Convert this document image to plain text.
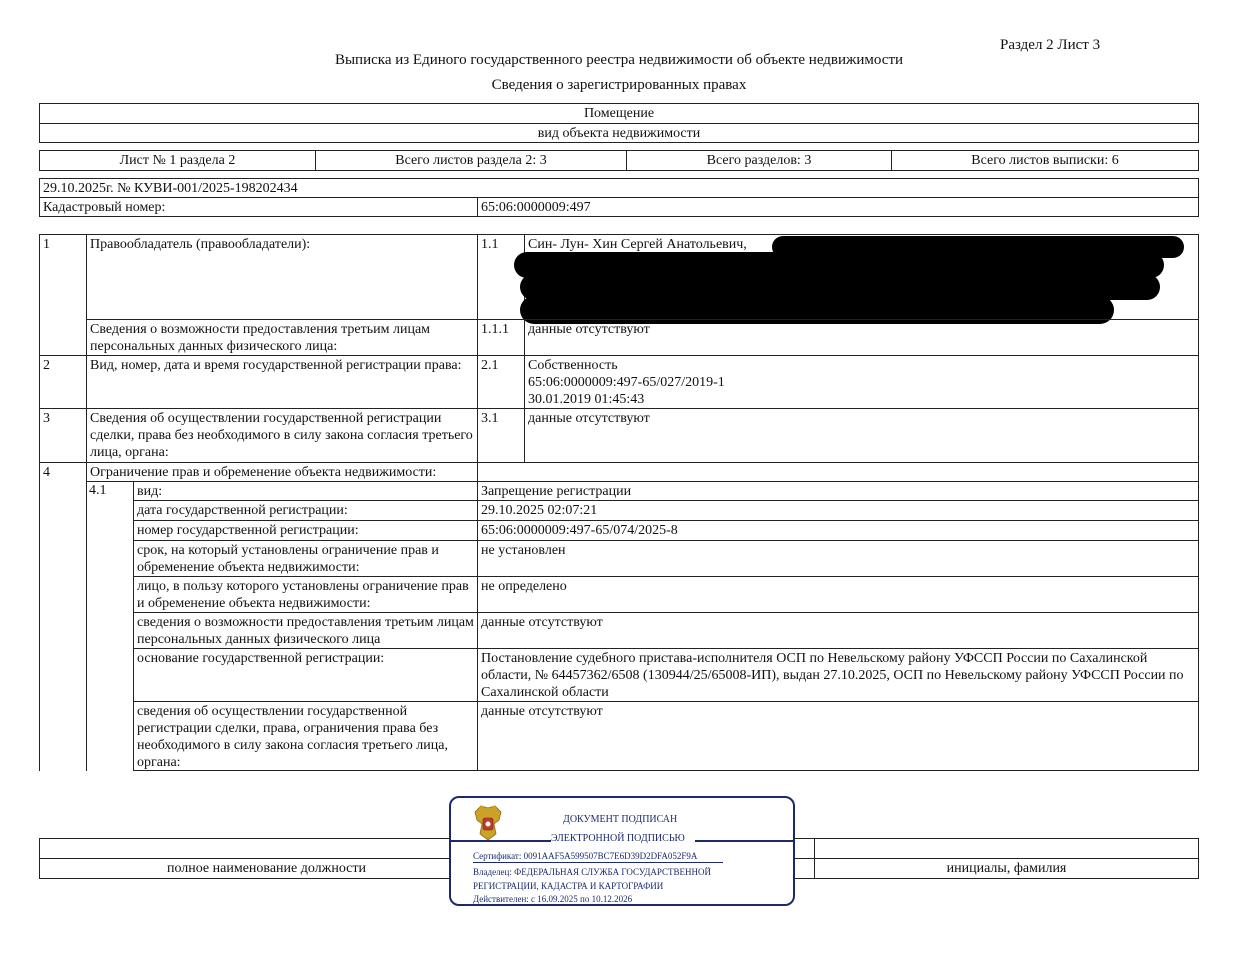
Раздел 2 Лист 3
Выписка из Единого государственного реестра недвижимости об объекте недвижимости
Сведения о зарегистрированных правах
Помещение
вид объекта недвижимости
Лист № 1 раздела 2	Всего листов раздела 2: 3	Всего разделов: 3	Всего листов выписки: 6
29.10.2025г. № КУВИ-001/2025-198202434
Кадастровый номер:	65:06:0000009:497
1	Правообладатель (правообладатели):	1.1	Син- Лун- Хин Сергей Анатольевич,
Сведения о возможности предоставления третьим лицам персональных данных физического лица:
1.1.1	данные отсутствуют
2	Вид, номер, дата и время государственной регистрации права:	2.1	Собственность
65:06:0000009:497-65/027/2019-1
30.01.2019 01:45:43
3	Сведения об осуществлении государственной регистрации сделки, права без необходимого в силу закона согласия третьего лица, органа:
3.1	данные отсутствуют
4	Ограничение прав и обременение объекта недвижимости:
4.1	вид:	Запрещение регистрации
дата государственной регистрации:	29.10.2025 02:07:21
номер государственной регистрации:	65:06:0000009:497-65/074/2025-8
срок, на который установлены ограничение прав и обременение объекта недвижимости:
не установлен
лицо, в пользу которого установлены ограничение прав и обременение объекта недвижимости:
не определено
сведения о возможности предоставления третьим лицам персональных данных физического лица
данные отсутствуют
основание государственной регистрации:	Постановление судебного пристава-исполнителя ОСП по Невельскому району УФССП России по Сахалинской области, № 64457362/6508 (130944/25/65008-ИП), выдан 27.10.2025, ОСП по Невельскому району УФССП России по Сахалинской области
сведения об осуществлении государственной регистрации сделки, права, ограничения права без необходимого в силу закона согласия третьего лица, органа:
данные отсутствуют
полное наименование должности	инициалы, фамилия
ДОКУМЕНТ ПОДПИСАН
ЭЛЕКТРОННОЙ ПОДПИСЬЮ
Сертификат: 0091AAF5A599507BC7E6D39D2DFA052F9A
Владелец: ФЕДЕРАЛЬНАЯ СЛУЖБА ГОСУДАРСТВЕННОЙ
РЕГИСТРАЦИИ, КАДАСТРА И КАРТОГРАФИИ
Действителен: с 16.09.2025 по 10.12.2026
